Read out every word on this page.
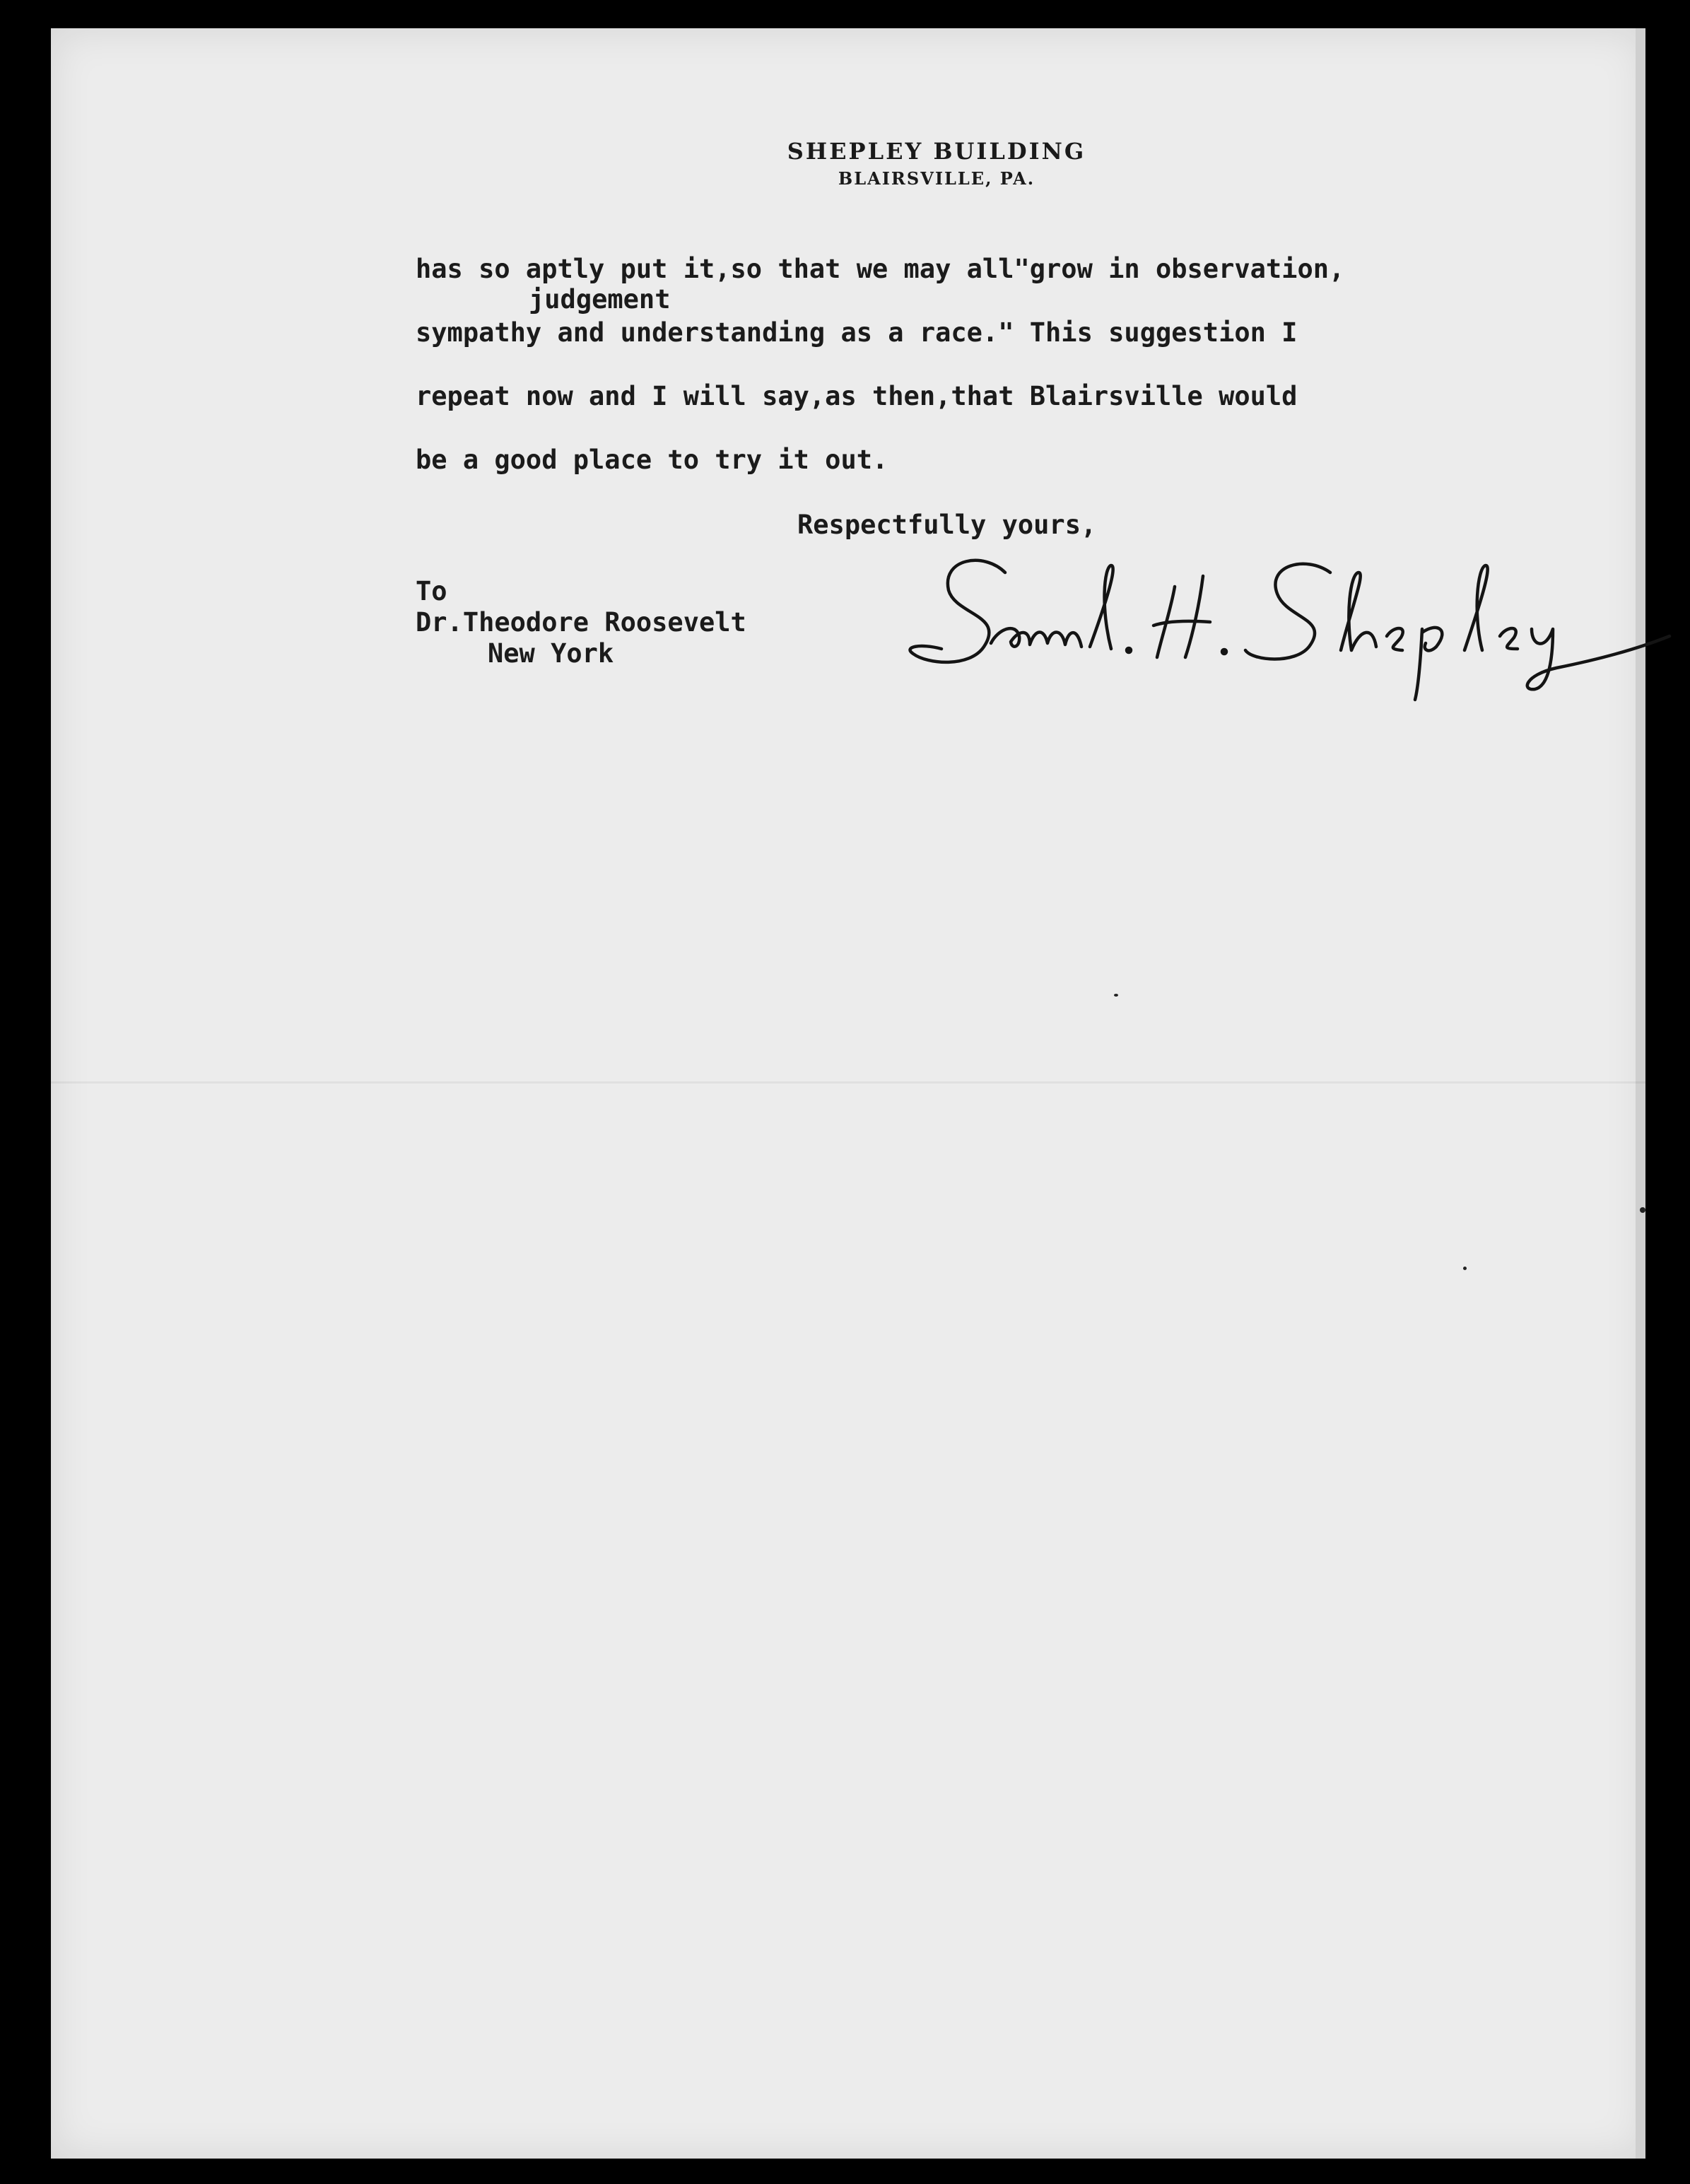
SHEPLEY BUILDING
BLAIRSVILLE, PA.
has so aptly put it,so that we may all"grow in observation,
judgement
sympathy and understanding as a race." This suggestion I
repeat now and I will say,as then,that Blairsville would
be a good place to try it out.
Respectfully yours,
To
Dr.Theodore Roosevelt
New York
